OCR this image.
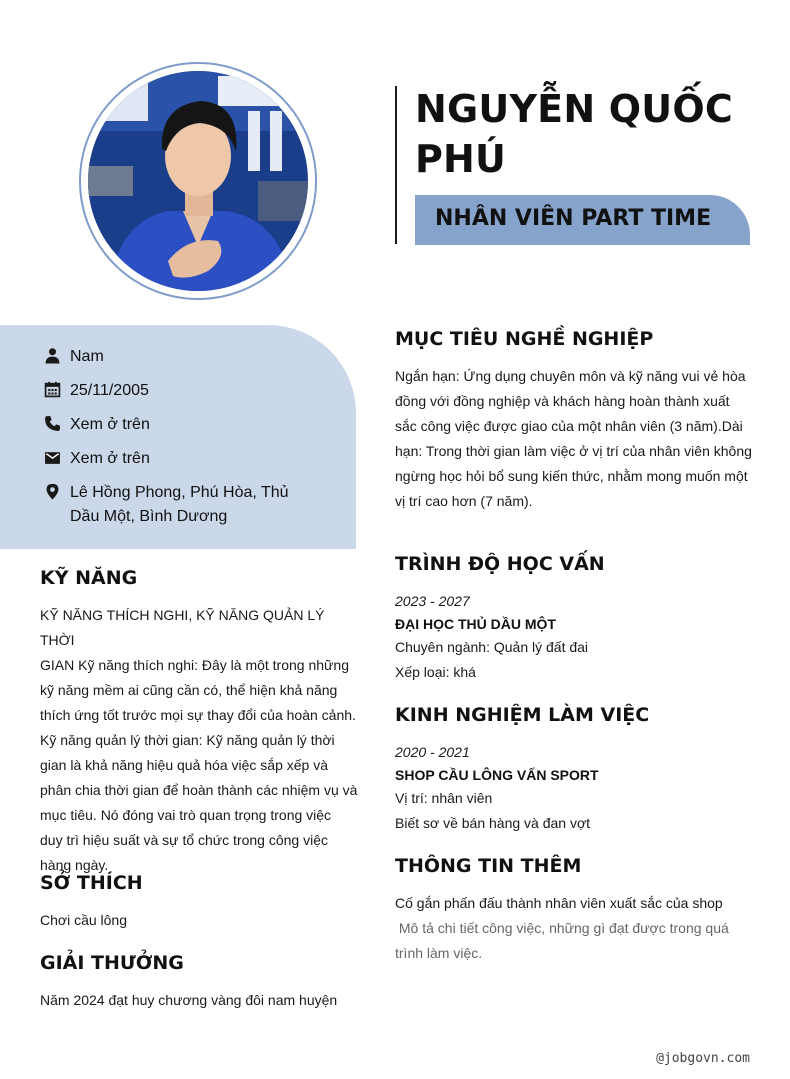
NGUYỄN QUỐC PHÚ
NHÂN VIÊN PART TIME
Nam
25/11/2005
Xem ở trên
Xem ở trên
Lê Hồng Phong, Phú Hòa, Thủ
Dầu Một, Bình Dương
KỸ NĂNG
KỸ NĂNG THÍCH NGHI, KỸ NĂNG QUẢN LÝ THỜI
GIAN Kỹ năng thích nghi: Đây là một trong những
kỹ năng mềm ai cũng cần có, thể hiện khả năng
thích ứng tốt trước mọi sự thay đổi của hoàn cảnh.
Kỹ năng quản lý thời gian: Kỹ năng quản lý thời
gian là khả năng hiệu quả hóa việc sắp xếp và
phân chia thời gian để hoàn thành các nhiệm vụ và
mục tiêu. Nó đóng vai trò quan trọng trong việc
duy trì hiệu suất và sự tổ chức trong công việc
hàng ngày.
SỞ THÍCH
Chơi cầu lông
GIẢI THƯỞNG
Năm 2024 đạt huy chương vàng đôi nam huyện
MỤC TIÊU NGHỀ NGHIỆP
Ngắn hạn: Ứng dụng chuyên môn và kỹ năng vui vẻ hòa
đồng với đồng nghiệp và khách hàng hoàn thành xuất
sắc công việc được giao của một nhân viên (3 năm).Dài
hạn: Trong thời gian làm việc ở vị trí của nhân viên không
ngừng học hỏi bổ sung kiến thức, nhằm mong muốn một
vị trí cao hơn (7 năm).
TRÌNH ĐỘ HỌC VẤN
2023 - 2027
ĐẠI HỌC THỦ DẦU MỘT
Chuyên ngành: Quản lý đất đai
Xếp loại: khá
KINH NGHIỆM LÀM VIỆC
2020 - 2021
SHOP CẦU LÔNG VẤN SPORT
Vị trí: nhân viên
Biết sơ về bán hàng và đan vợt
THÔNG TIN THÊM
Cố gắn phấn đấu thành nhân viên xuất sắc của shop
Mô tả chi tiết công việc, những gì đạt được trong quá
trình làm việc.
@jobgovn.com
